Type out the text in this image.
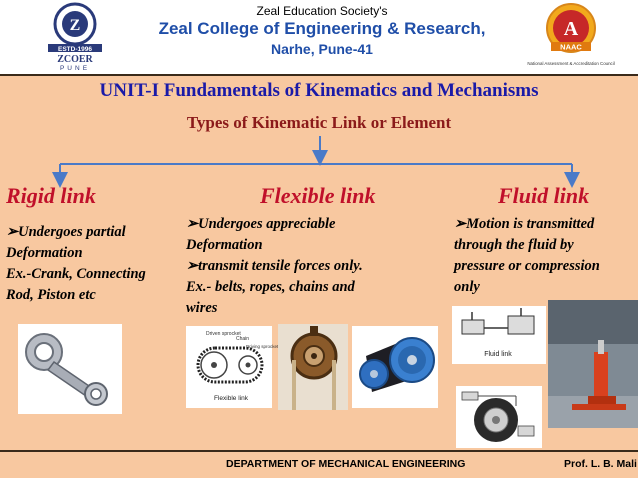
Z
ESTD-1996
ZCOER
PUNE
Zeal Education Society's
Zeal College of Engineering & Research,
Narhe, Pune-41
A
NAAC
National Assessment & Accreditation Council
UNIT-I Fundamentals of Kinematics and Mechanisms
Types of Kinematic Link or Element
Rigid link	Flexible link	Fluid link
➢Undergoes partial
Deformation
Ex.-Crank, Connecting
Rod, Piston etc
➢Undergoes appreciable
Deformation
➢transmit tensile forces only.
Ex.- belts, ropes, chains and
wires
➢Motion is transmitted
through the fluid by
pressure or compression
only
Driven sprocket
Chain
Driving sprocket
Flexible link
Fluid link
DEPARTMENT OF MECHANICAL ENGINEERING	Prof. L. B. Mali
